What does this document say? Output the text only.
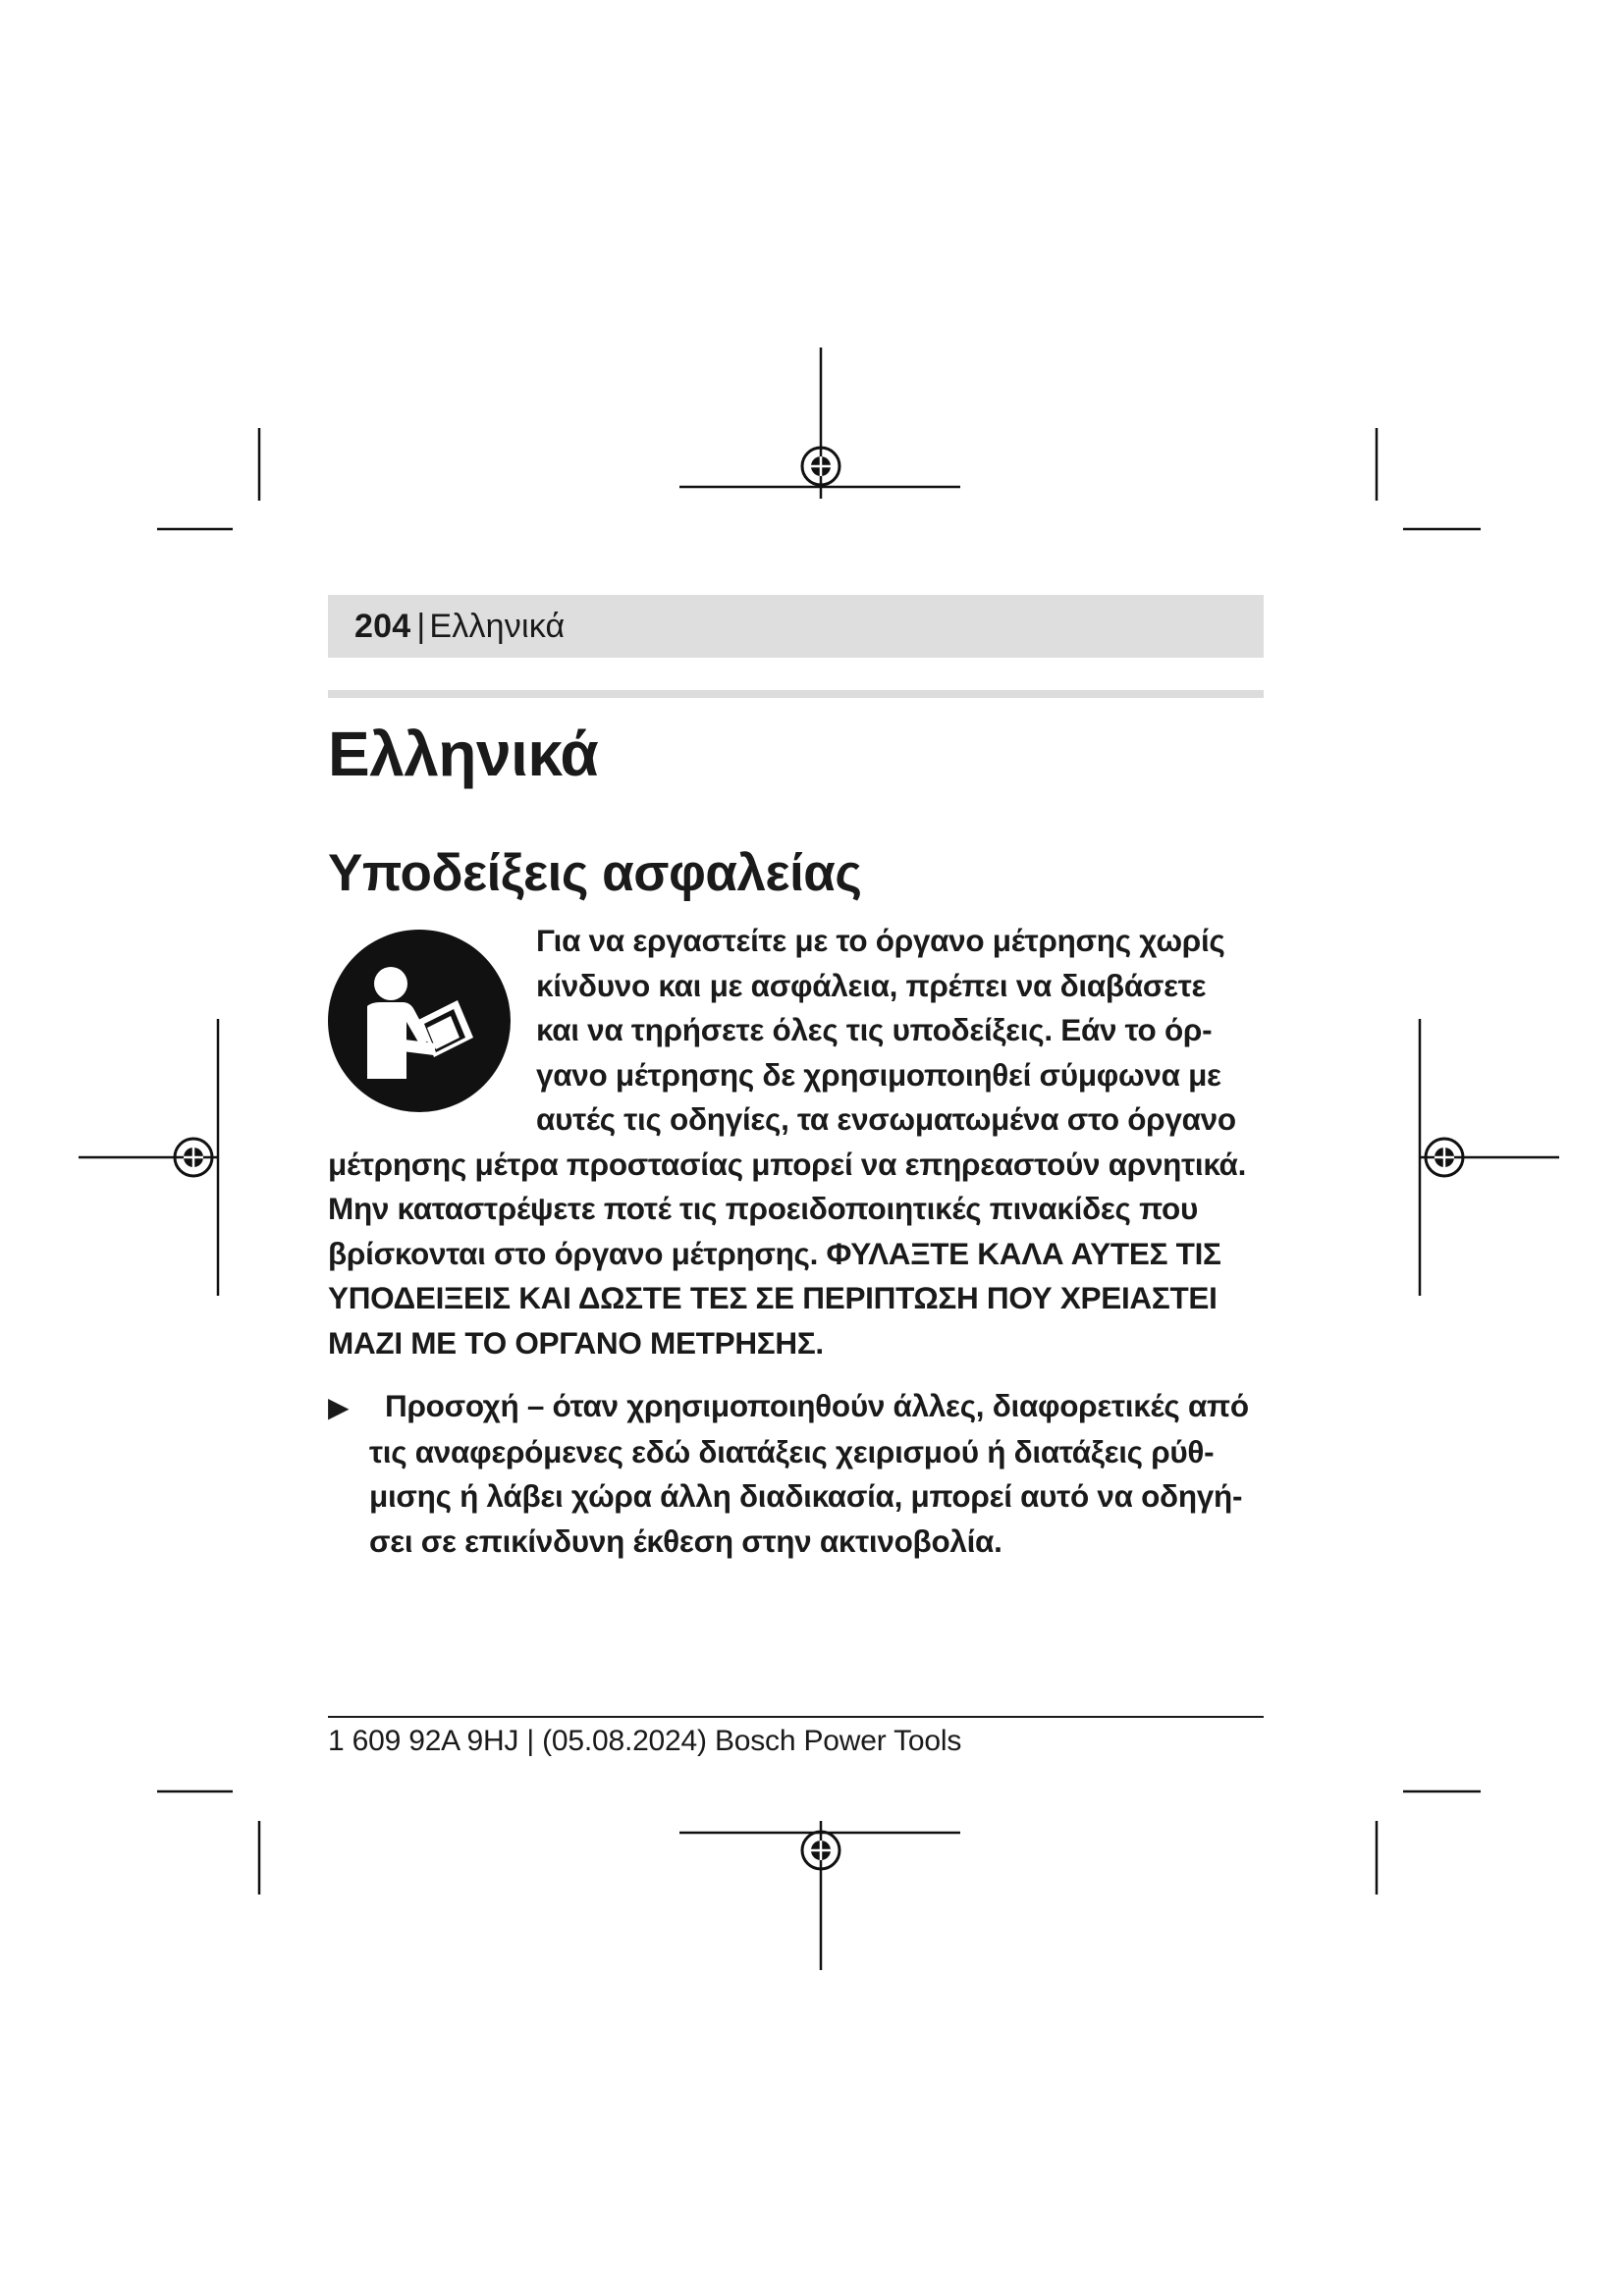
204 | Ελληνικά
Ελληνικά
Υποδείξεις ασφαλείας

Για να εργαστείτε με το όργανο μέτρησης χωρίς
κίνδυνο και με ασφάλεια, πρέπει να διαβάσετε
και να τηρήσετε όλες τις υποδείξεις. Εάν το όρ-
γανο μέτρησης δε χρησιμοποιηθεί σύμφωνα με
αυτές τις οδηγίες, τα ενσωματωμένα στο όργανο
μέτρησης μέτρα προστασίας μπορεί να επηρεαστούν αρνητικά.
Μην καταστρέψετε ποτέ τις προειδοποιητικές πινακίδες που
βρίσκονται στο όργανο μέτρησης. ΦΥΛΑΞΤΕ ΚΑΛΑ ΑΥΤΕΣ ΤΙΣ
ΥΠΟΔΕΙΞΕΙΣ ΚΑΙ ΔΩΣΤΕ ΤΕΣ ΣΕ ΠΕΡΙΠΤΩΣΗ ΠΟΥ ΧΡΕΙΑΣΤΕΙ
ΜΑΖΙ ΜΕ ΤΟ ΟΡΓΑΝΟ ΜΕΤΡΗΣΗΣ.

▶ Προσοχή – όταν χρησιμοποιηθούν άλλες, διαφορετικές από
τις αναφερόμενες εδώ διατάξεις χειρισμού ή διατάξεις ρύθ-
μισης ή λάβει χώρα άλλη διαδικασία, μπορεί αυτό να οδηγή-
σει σε επικίνδυνη έκθεση στην ακτινοβολία.

1 609 92A 9HJ | (05.08.2024) Bosch Power Tools
